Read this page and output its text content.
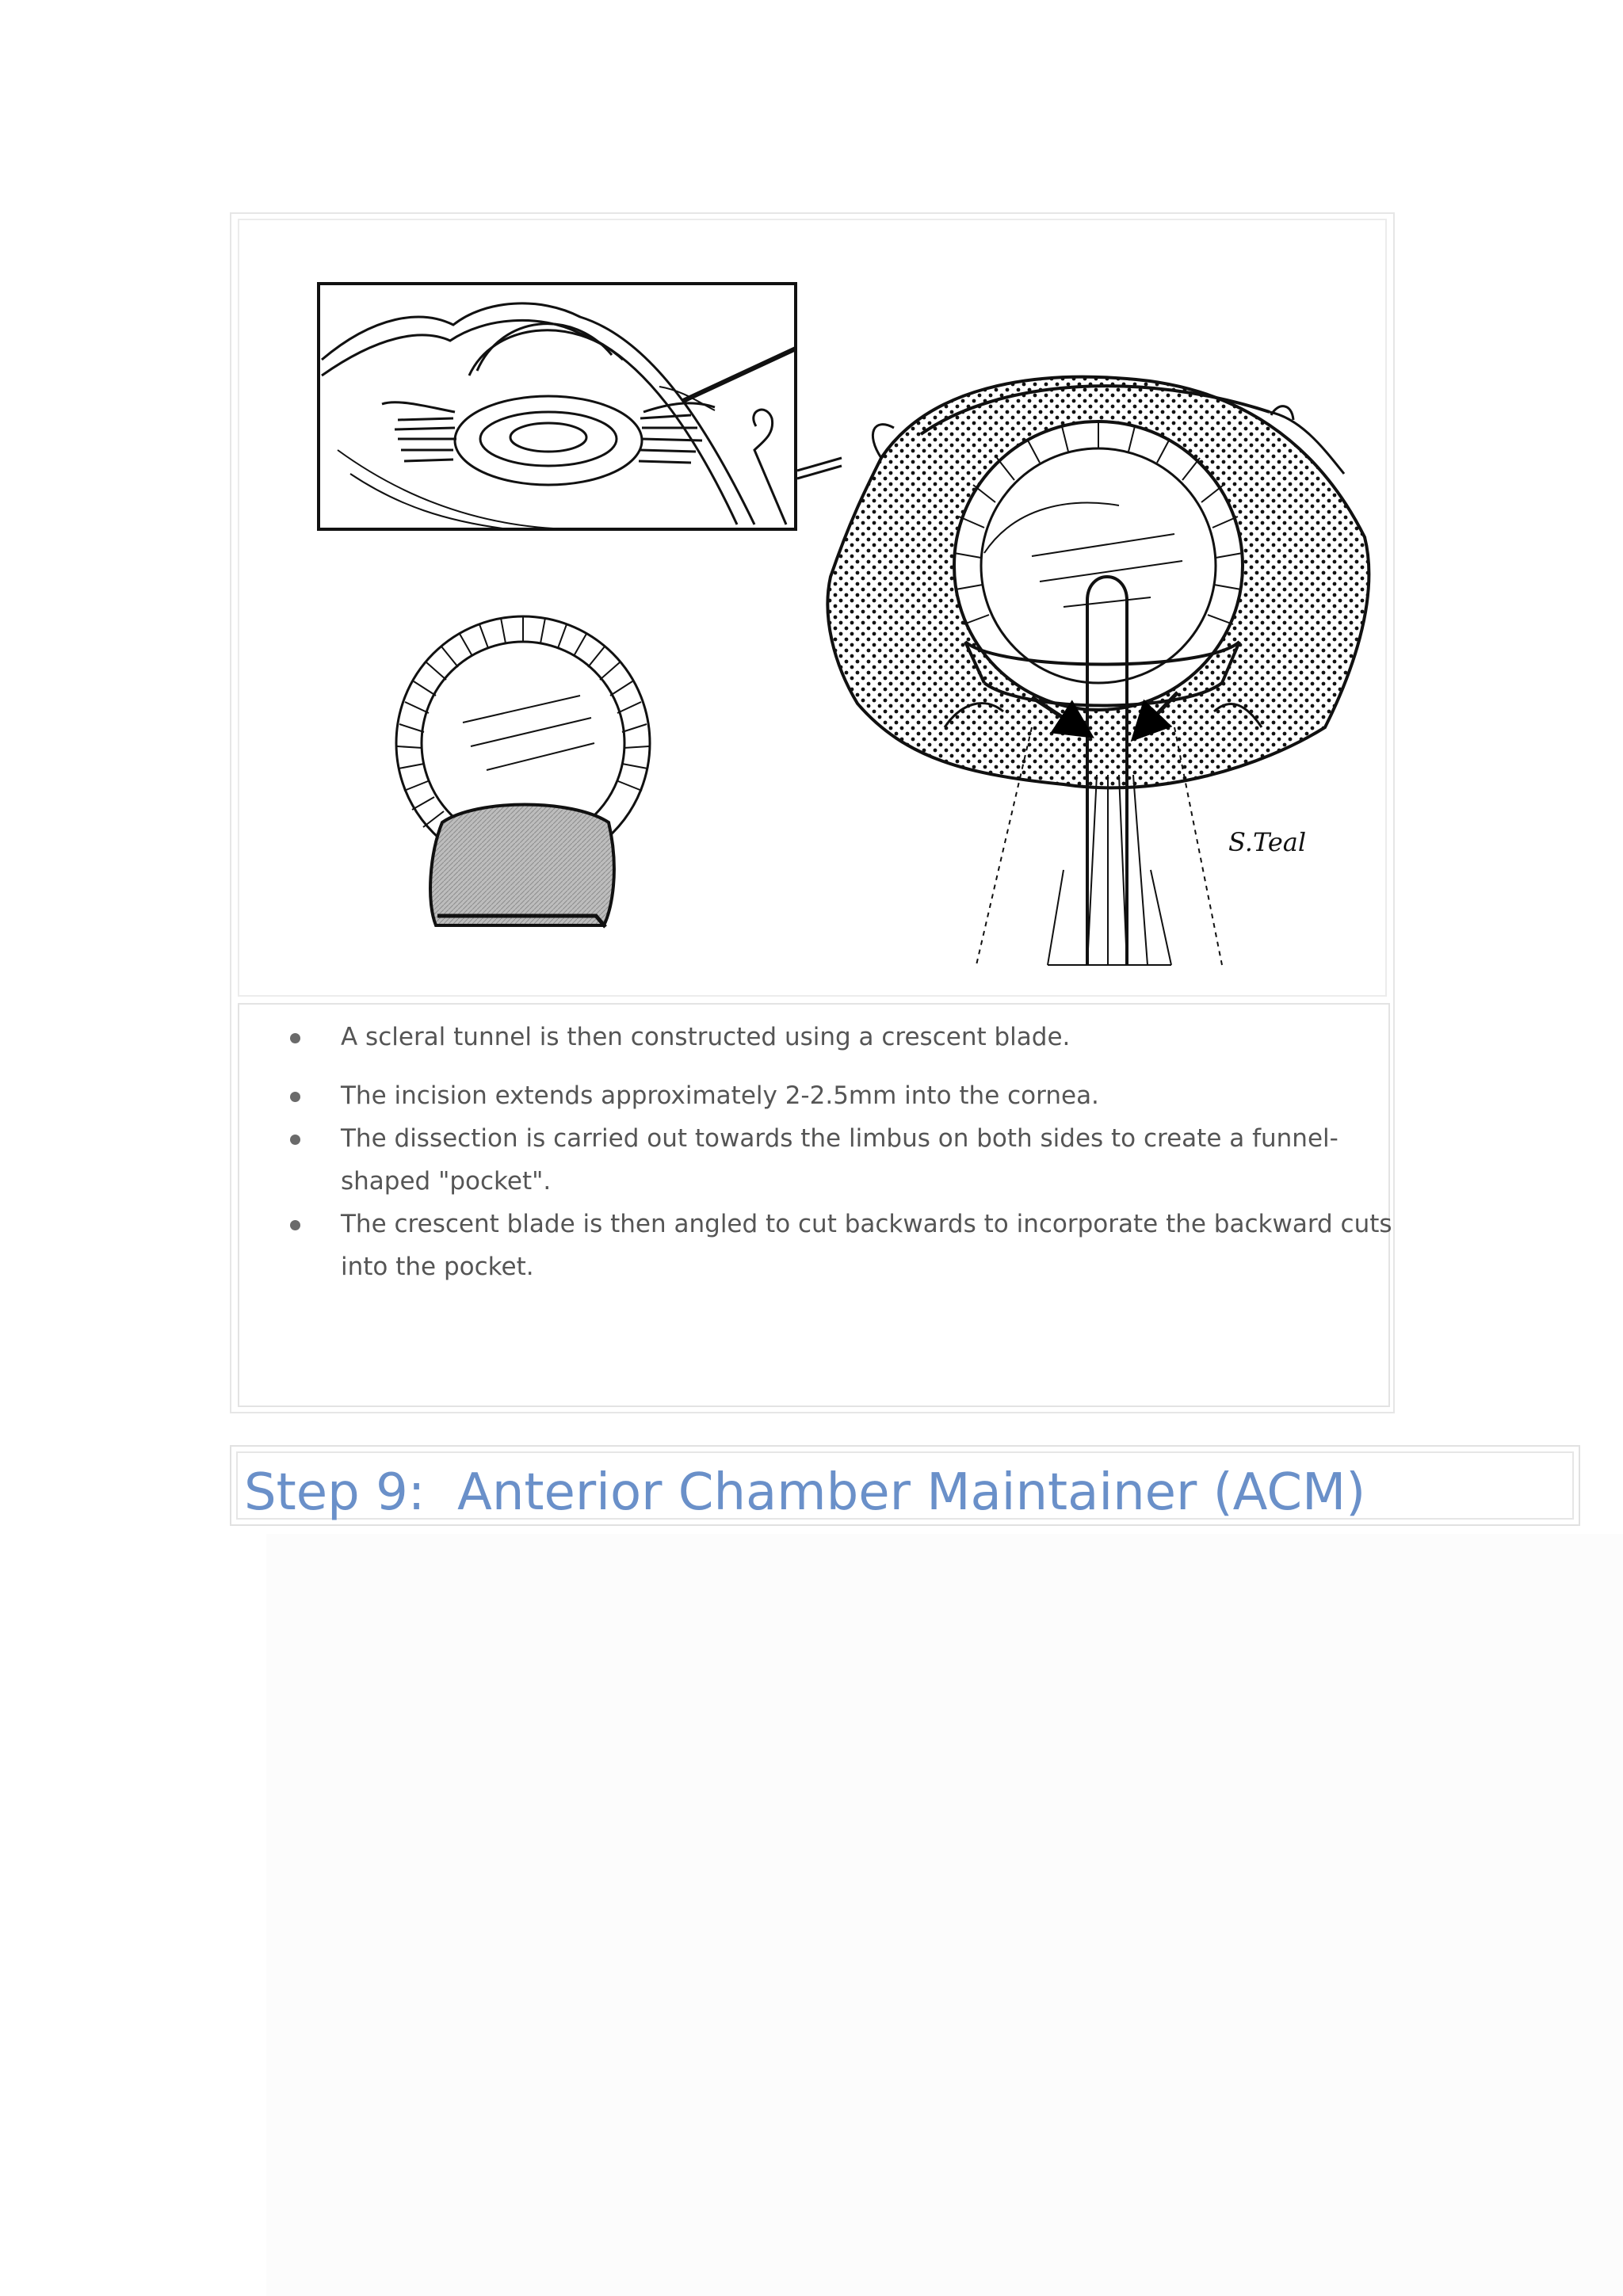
S.Teal
A scleral tunnel is then constructed using a crescent blade.
The incision extends approximately 2-2.5mm into the cornea.
The dissection is carried out towards the limbus on both sides to create a funnel-
shaped "pocket".
The crescent blade is then angled to cut backwards to incorporate the backward cuts
into the pocket.
Step 9:  Anterior Chamber Maintainer (ACM)
